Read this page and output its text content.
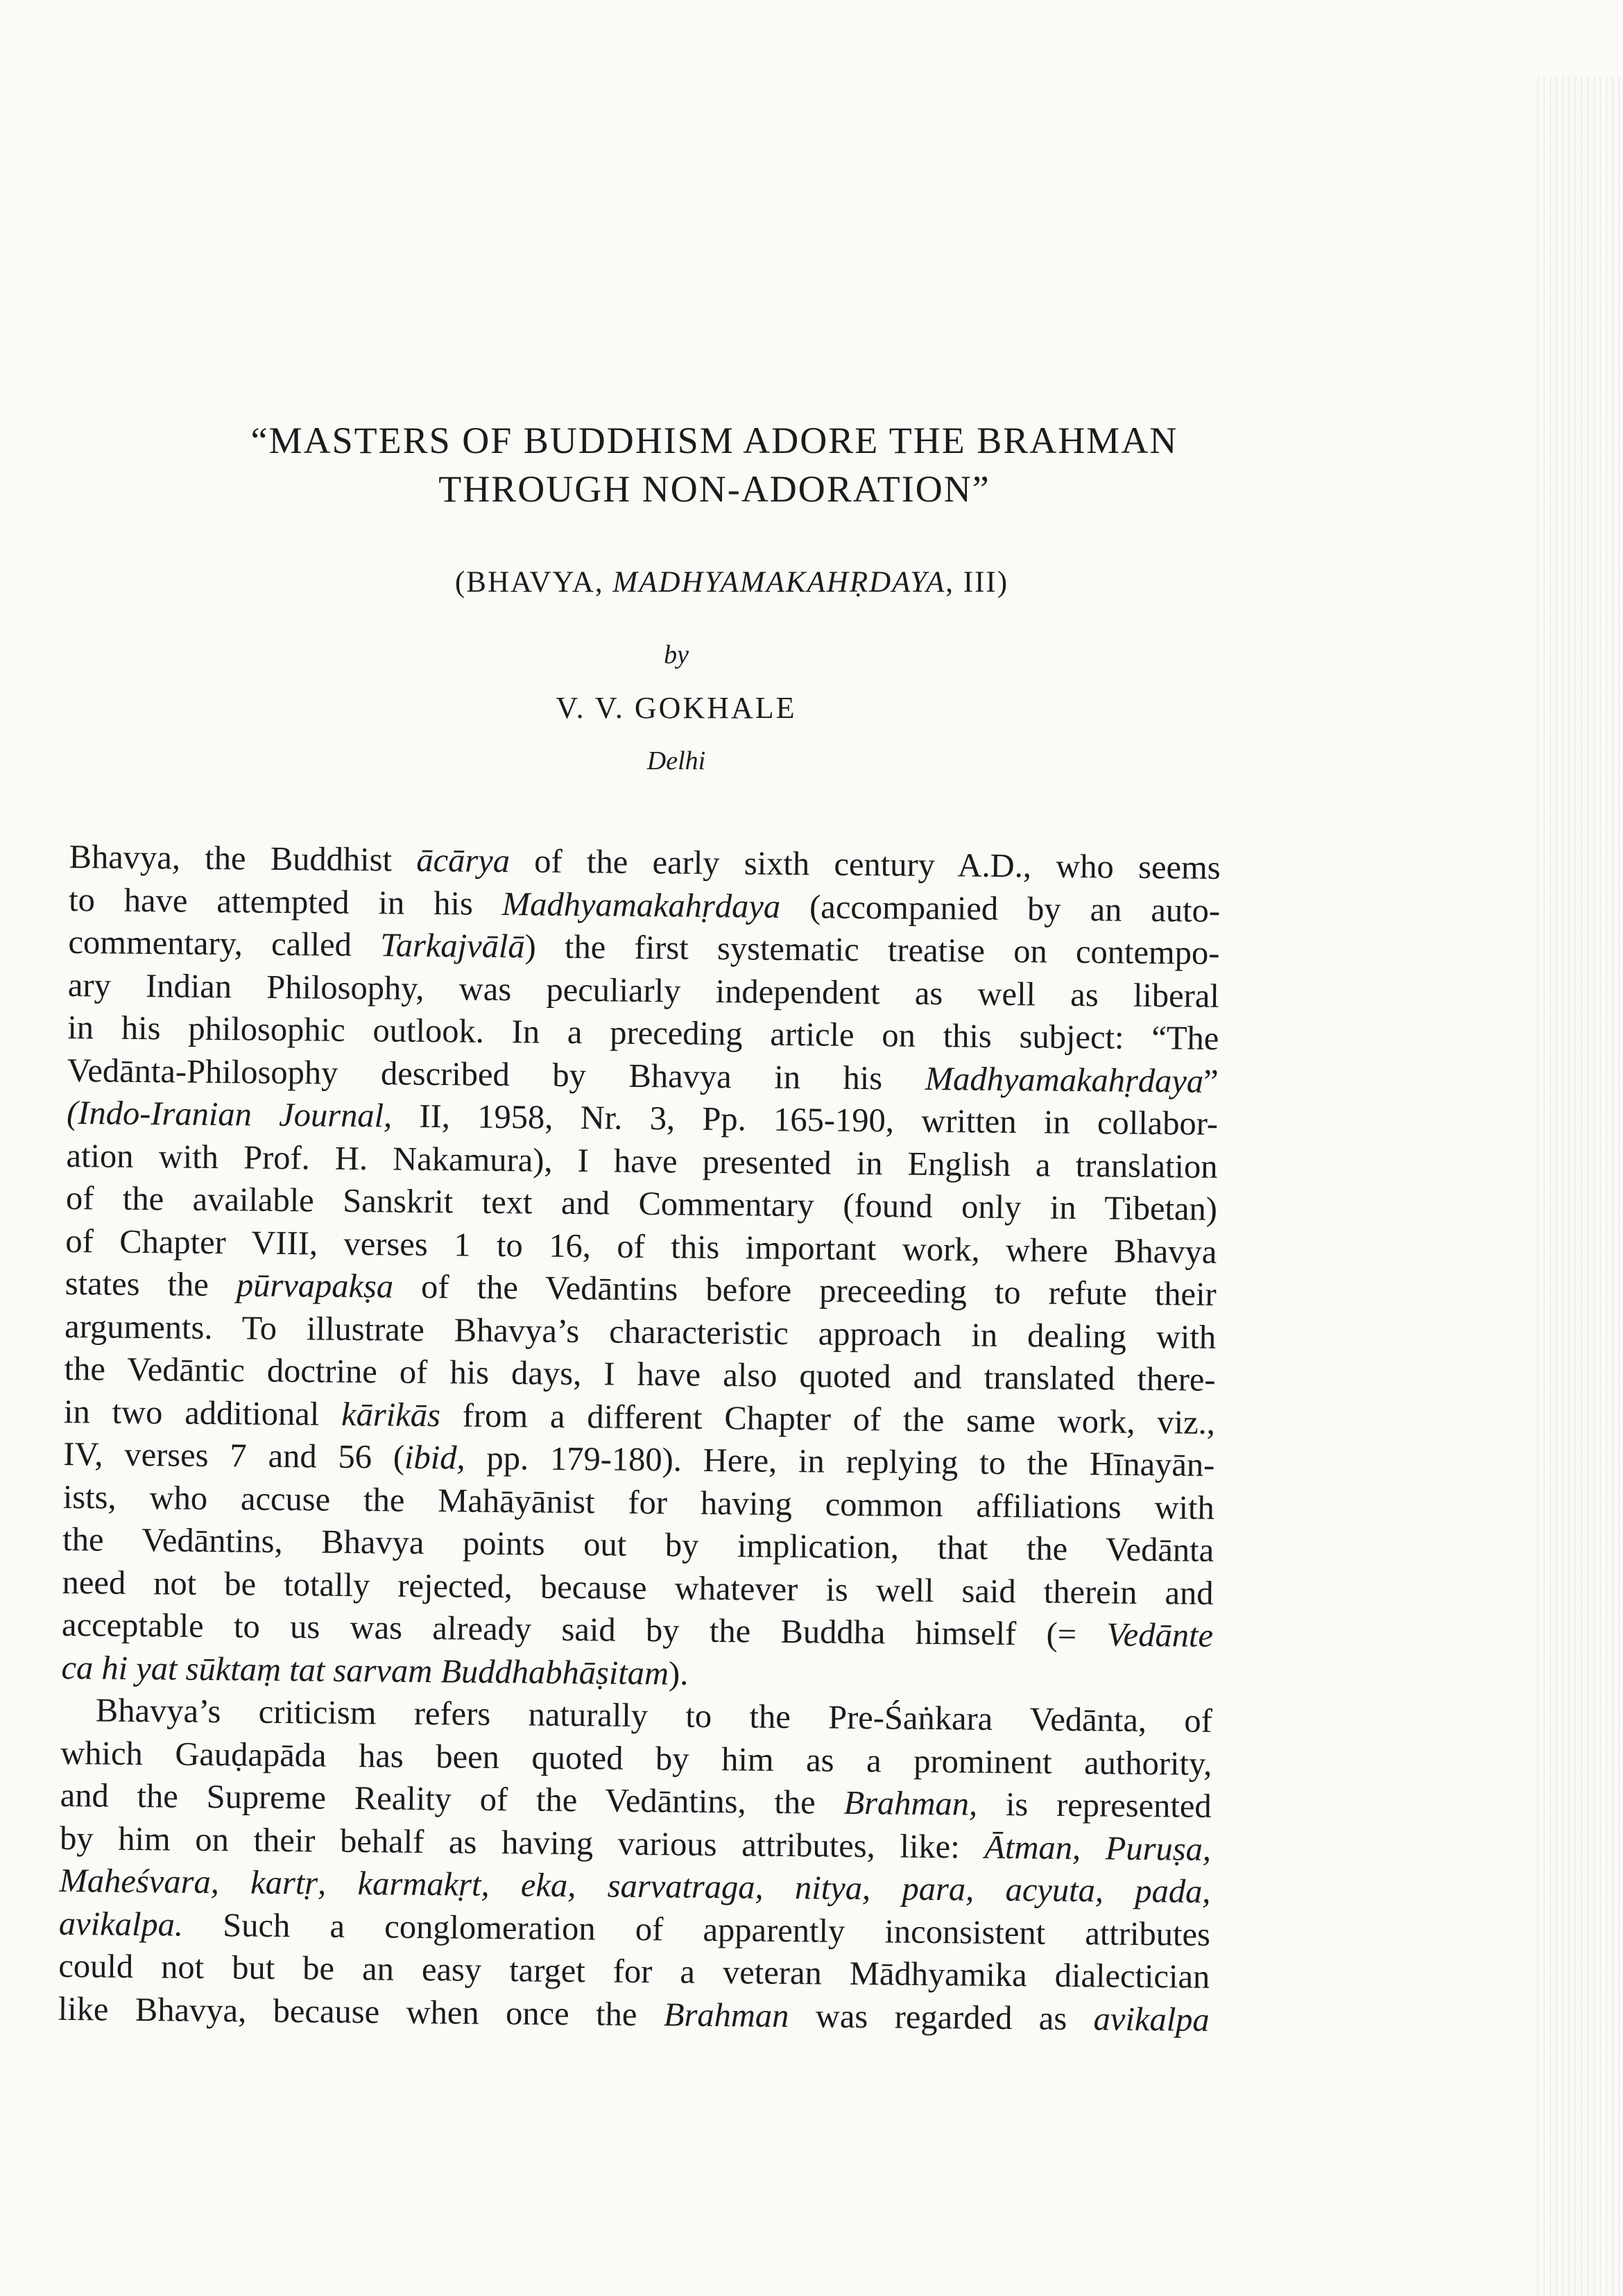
“MASTERS OF BUDDHISM ADORE THE BRAHMAN
THROUGH NON-ADORATION”
(BHAVYA, MADHYAMAKAHṚDAYA, III)
by
V. V. GOKHALE
Delhi
Bhavya, the Buddhist ācārya of the early sixth century A.D., who seems
to have attempted in his Madhyamakahṛdaya (accompanied by an auto-
commentary, called Tarkajvālā) the first systematic treatise on contempo-
ary Indian Philosophy, was peculiarly independent as well as liberal
in his philosophic outlook. In a preceding article on this subject: “The
Vedānta-Philosophy described by Bhavya in his Madhyamakahṛdaya”
(Indo-Iranian Journal, II, 1958, Nr. 3, Pp. 165-190, written in collabor-
ation with Prof. H. Nakamura), I have presented in English a translation
of the available Sanskrit text and Commentary (found only in Tibetan)
of Chapter VIII, verses 1 to 16, of this important work, where Bhavya
states the pūrvapakṣa of the Vedāntins before preceeding to refute their
arguments. To illustrate Bhavya’s characteristic approach in dealing with
the Vedāntic doctrine of his days, I have also quoted and translated there-
in two additional kārikās from a different Chapter of the same work, viz.,
IV, verses 7 and 56 (ibid, pp. 179-180). Here, in replying to the Hīnayān-
ists, who accuse the Mahāyānist for having common affiliations with
the Vedāntins, Bhavya points out by implication, that the Vedānta
need not be totally rejected, because whatever is well said therein and
acceptable to us was already said by the Buddha himself (= Vedānte
ca hi yat sūktaṃ tat sarvam Buddhabhāṣitam).
Bhavya’s criticism refers naturally to the Pre-Śaṅkara Vedānta, of
which Gauḍapāda has been quoted by him as a prominent authority,
and the Supreme Reality of the Vedāntins, the Brahman, is represented
by him on their behalf as having various attributes, like: Ātman, Puruṣa,
Maheśvara, kartṛ, karmakṛt, eka, sarvatraga, nitya, para, acyuta, pada,
avikalpa. Such a conglomeration of apparently inconsistent attributes
could not but be an easy target for a veteran Mādhyamika dialectician
like Bhavya, because when once the Brahman was regarded as avikalpa
